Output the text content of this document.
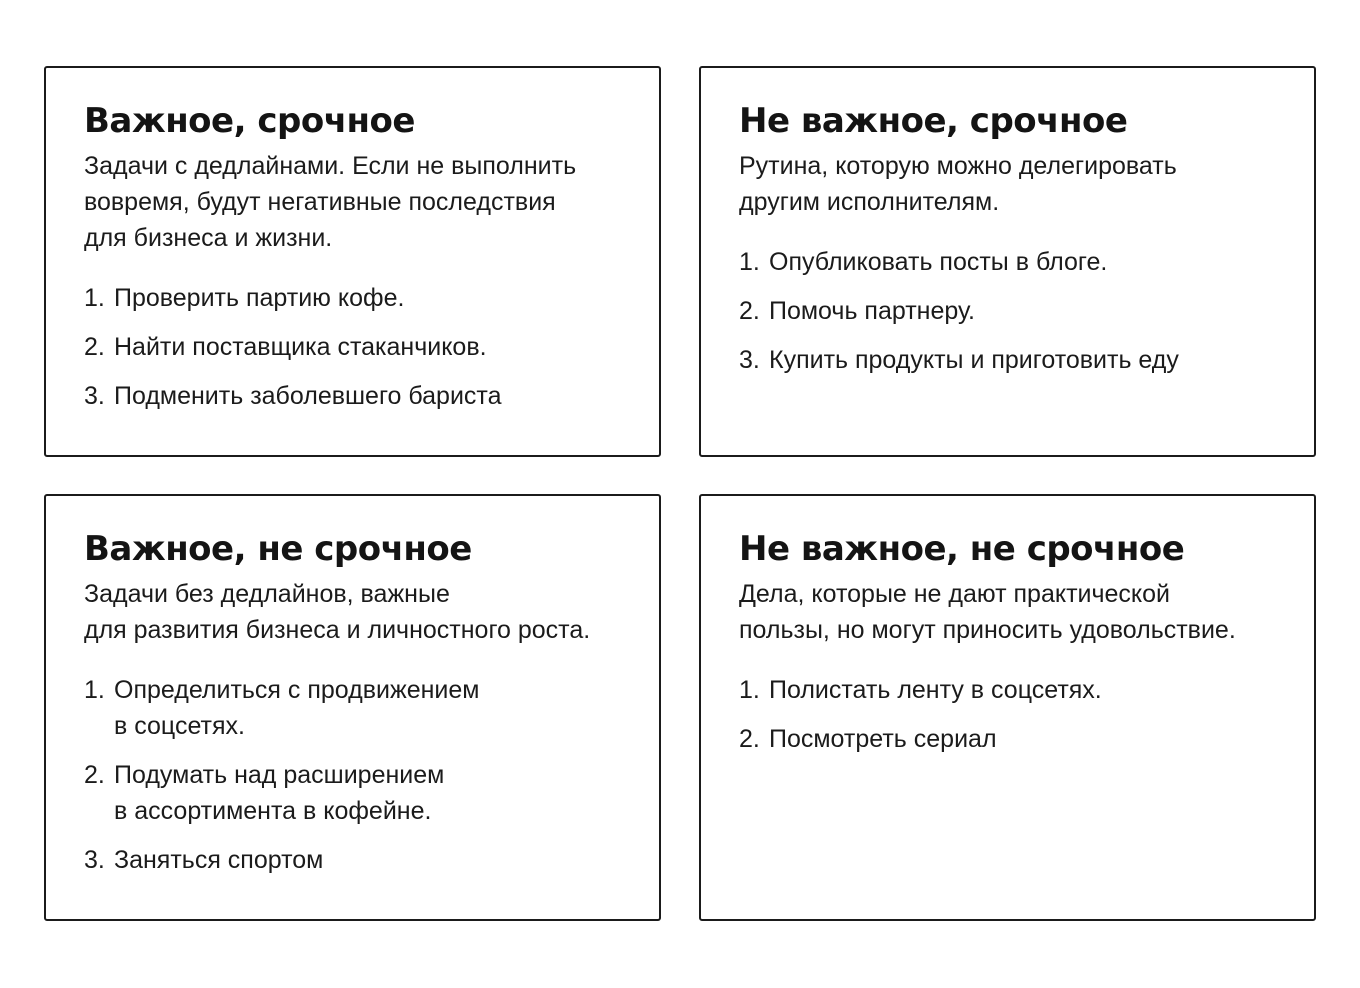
Важное, срочное

Задачи с дедлайнами. Если не выполнить
вовремя, будут негативные последствия
для бизнеса и жизни.

1. Проверить партию кофе.
2. Найти поставщика стаканчиков.
3. Подменить заболевшего бариста
Не важное, срочное

Рутина, которую можно делегировать
другим исполнителям.

1. Опубликовать посты в блоге.
2. Помочь партнеру.
3. Купить продукты и приготовить еду
Важное, не срочное

Задачи без дедлайнов, важные
для развития бизнеса и личностного роста.

1. Определиться с продвижением
в соцсетях.
2. Подумать над расширением
в ассортимента в кофейне.
3. Заняться спортом
Не важное, не срочное

Дела, которые не дают практической
пользы, но могут приносить удовольствие.

1. Полистать ленту в соцсетях.
2. Посмотреть сериал
